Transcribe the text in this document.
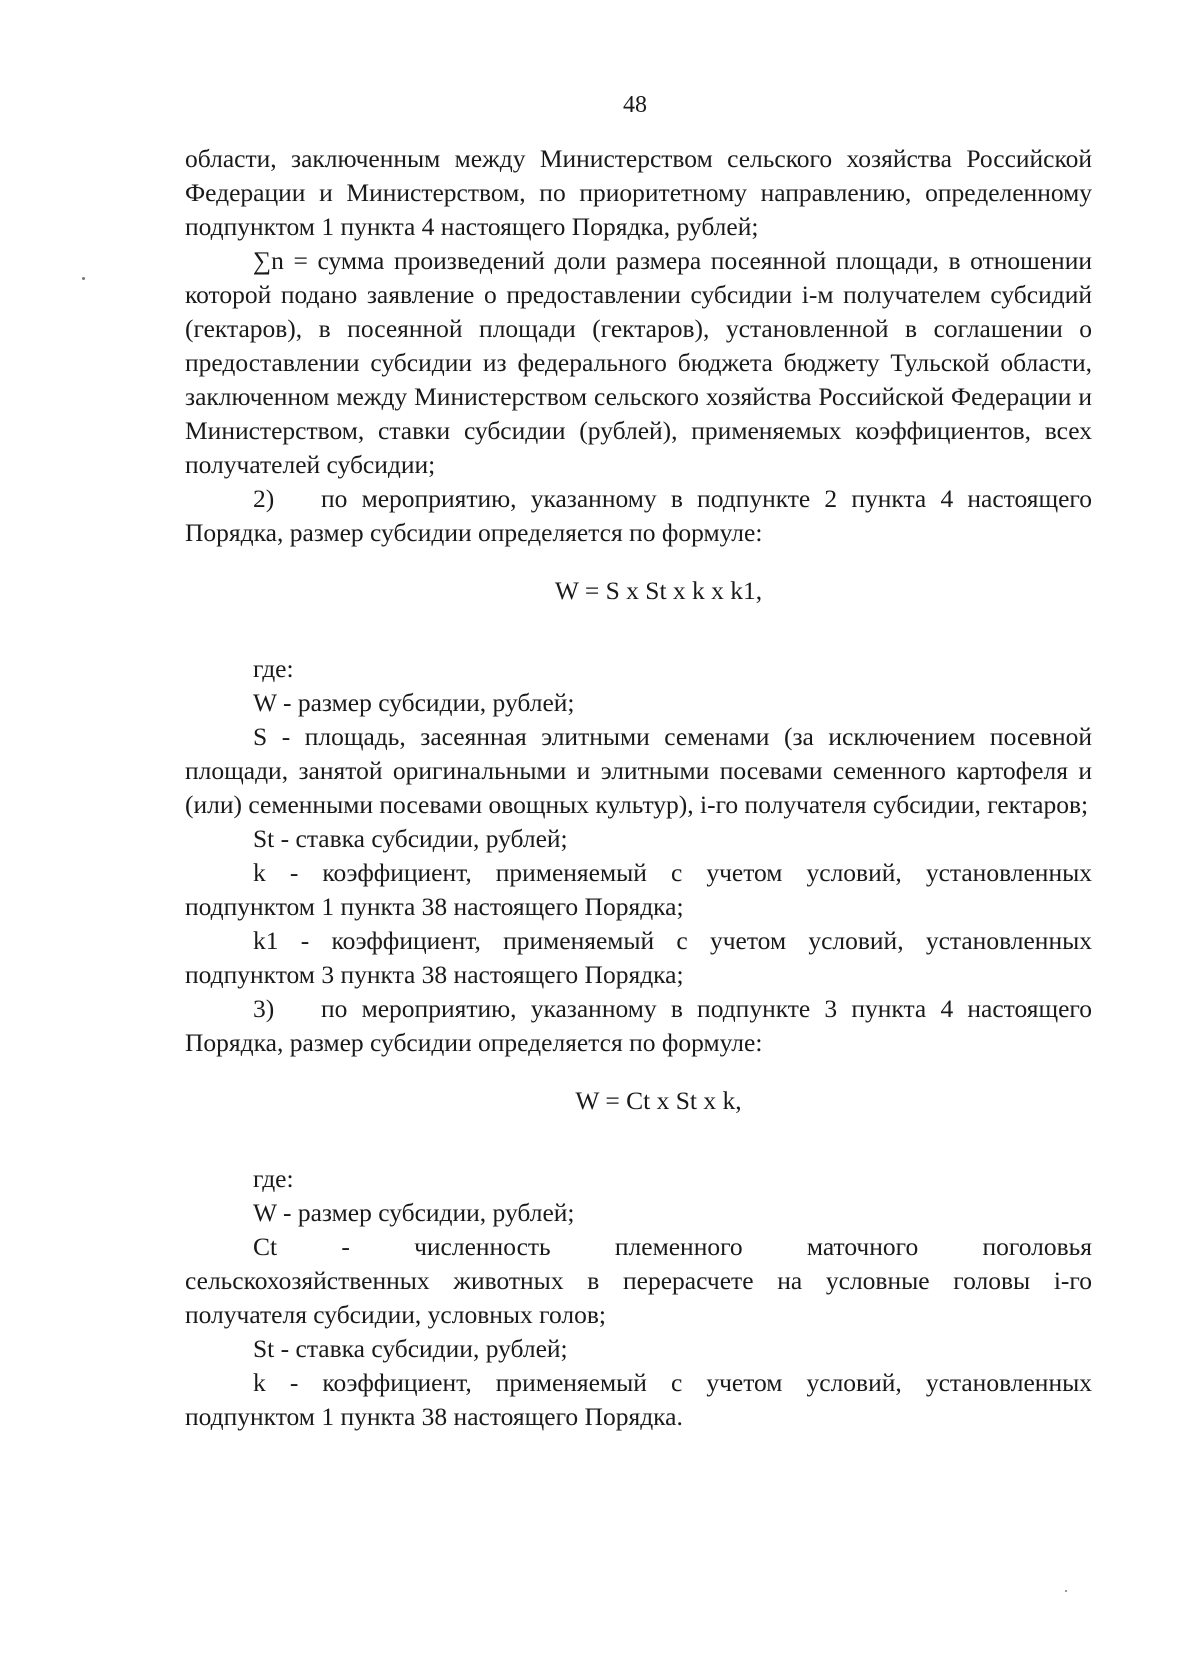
48

области, заключенным между Министерством сельского хозяйства Российской Федерации и Министерством, по приоритетному направлению, определенному подпунктом 1 пункта 4 настоящего Порядка, рублей;

∑n = сумма произведений доли размера посеянной площади, в отношении которой подано заявление о предоставлении субсидии i-м получателем субсидий (гектаров), в посеянной площади (гектаров), установленной в соглашении о предоставлении субсидии из федерального бюджета бюджету Тульской области, заключенном между Министерством сельского хозяйства Российской Федерации и Министерством, ставки субсидии (рублей), применяемых коэффициентов, всех получателей субсидии;

2) по мероприятию, указанному в подпункте 2 пункта 4 настоящего Порядка, размер субсидии определяется по формуле:

W = S x St x k x k1,

где:

W - размер субсидии, рублей;

S - площадь, засеянная элитными семенами (за исключением посевной площади, занятой оригинальными и элитными посевами семенного картофеля и (или) семенными посевами овощных культур), i-го получателя субсидии, гектаров;

St - ставка субсидии, рублей;

k - коэффициент, применяемый с учетом условий, установленных подпунктом 1 пункта 38 настоящего Порядка;

k1 - коэффициент, применяемый с учетом условий, установленных подпунктом 3 пункта 38 настоящего Порядка;

3) по мероприятию, указанному в подпункте 3 пункта 4 настоящего Порядка, размер субсидии определяется по формуле:

W = Ct x St x k,

где:

W - размер субсидии, рублей;

Ct	-	численность	племенного	маточного	поголовья

сельскохозяйственных животных в перерасчете на условные головы i-го получателя субсидии, условных голов;

St - ставка субсидии, рублей;

k - коэффициент, применяемый с учетом условий, установленных подпунктом 1 пункта 38 настоящего Порядка.
